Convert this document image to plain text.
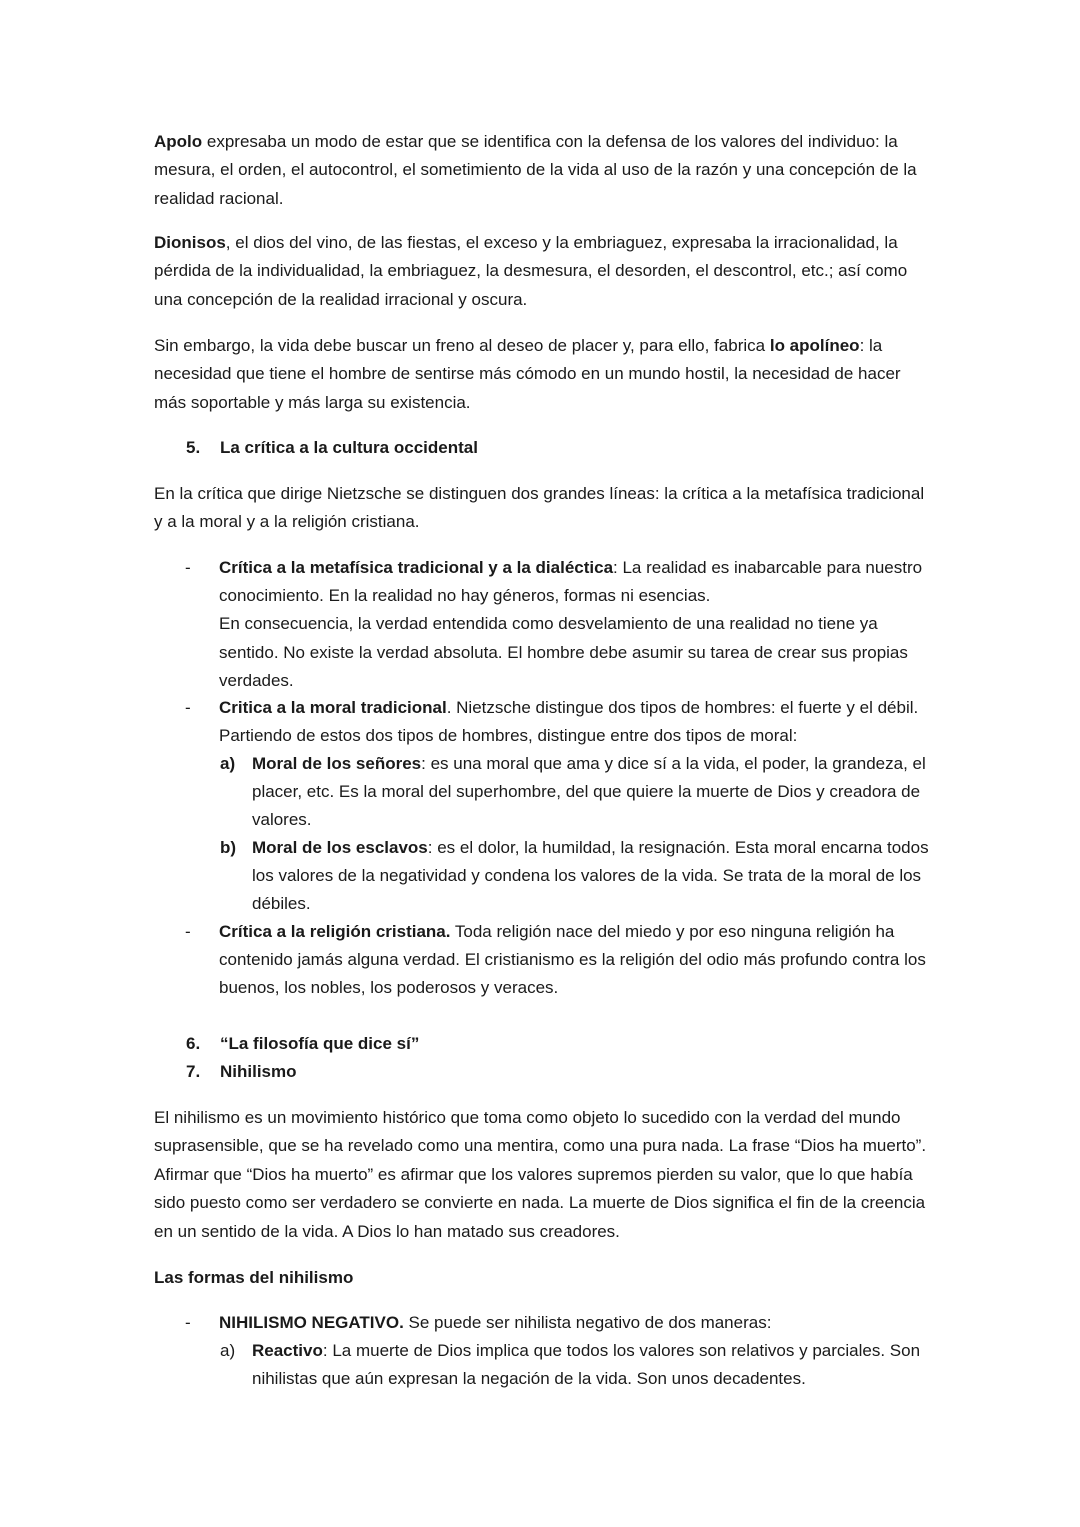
Apolo expresaba un modo de estar que se identifica con la defensa de los valores del individuo: la mesura, el orden, el autocontrol, el sometimiento de la vida al uso de la razón y una concepción de la realidad racional.

Dionisos, el dios del vino, de las fiestas, el exceso y la embriaguez, expresaba la irracionalidad, la pérdida de la individualidad, la embriaguez, la desmesura, el desorden, el descontrol, etc.; así como una concepción de la realidad irracional y oscura.

Sin embargo, la vida debe buscar un freno al deseo de placer y, para ello, fabrica lo apolíneo: la necesidad que tiene el hombre de sentirse más cómodo en un mundo hostil, la necesidad de hacer más soportable y más larga su existencia.

5. La crítica a la cultura occidental

En la crítica que dirige Nietzsche se distinguen dos grandes líneas: la crítica a la metafísica tradicional y a la moral y a la religión cristiana.

- Crítica a la metafísica tradicional y a la dialéctica: La realidad es inabarcable para nuestro conocimiento. En la realidad no hay géneros, formas ni esencias.
En consecuencia, la verdad entendida como desvelamiento de una realidad no tiene ya sentido. No existe la verdad absoluta. El hombre debe asumir su tarea de crear sus propias verdades.
- Critica a la moral tradicional. Nietzsche distingue dos tipos de hombres: el fuerte y el débil. Partiendo de estos dos tipos de hombres, distingue entre dos tipos de moral:
a) Moral de los señores: es una moral que ama y dice sí a la vida, el poder, la grandeza, el placer, etc. Es la moral del superhombre, del que quiere la muerte de Dios y creadora de valores.
b) Moral de los esclavos: es el dolor, la humildad, la resignación. Esta moral encarna todos los valores de la negatividad y condena los valores de la vida. Se trata de la moral de los débiles.
- Crítica a la religión cristiana. Toda religión nace del miedo y por eso ninguna religión ha contenido jamás alguna verdad. El cristianismo es la religión del odio más profundo contra los buenos, los nobles, los poderosos y veraces.
6. “La filosofía que dice sí”
7. Nihilismo

El nihilismo es un movimiento histórico que toma como objeto lo sucedido con la verdad del mundo suprasensible, que se ha revelado como una mentira, como una pura nada. La frase “Dios ha muerto”. Afirmar que “Dios ha muerto” es afirmar que los valores supremos pierden su valor, que lo que había sido puesto como ser verdadero se convierte en nada. La muerte de Dios significa el fin de la creencia en un sentido de la vida. A Dios lo han matado sus creadores.

Las formas del nihilismo

- NIHILISMO NEGATIVO. Se puede ser nihilista negativo de dos maneras:
a) Reactivo: La muerte de Dios implica que todos los valores son relativos y parciales. Son nihilistas que aún expresan la negación de la vida. Son unos decadentes.
